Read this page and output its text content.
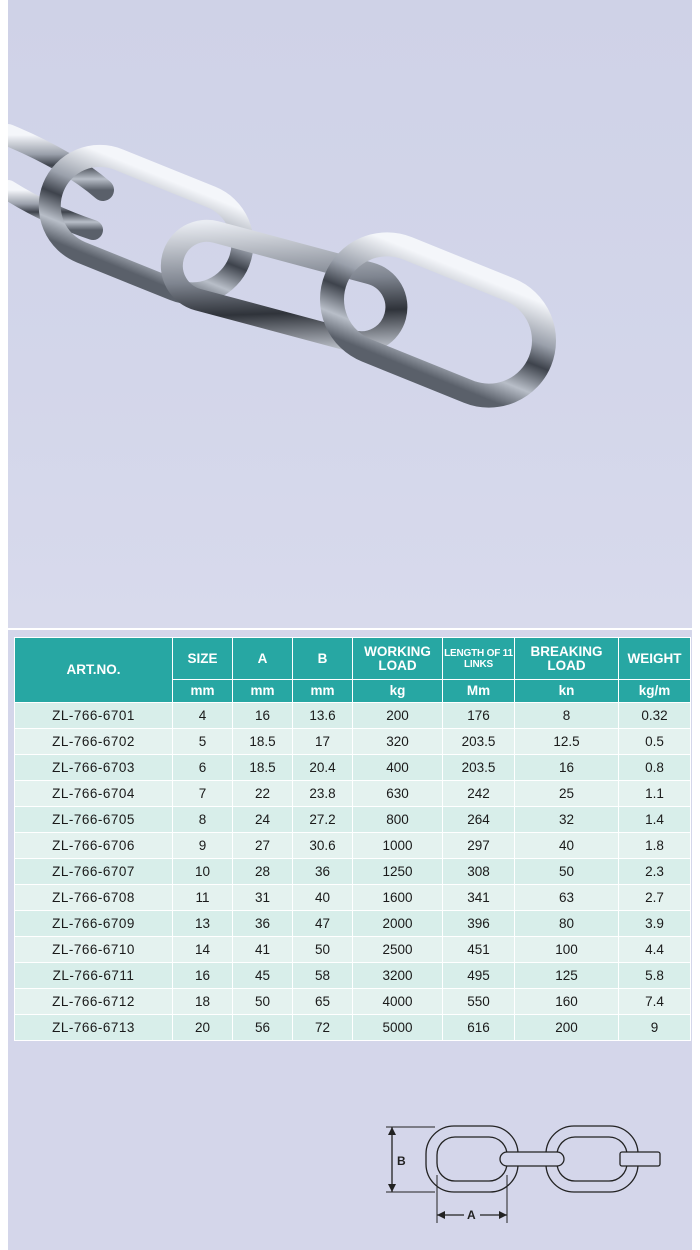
ART.NO.	SIZE	A	B	WORKING LOAD	LENGTH OF 11 LINKS	BREAKING LOAD	WEIGHT
	mm	mm	mm	kg	Mm	kn	kg/m
ZL-766-6701	4	16	13.6	200	176	8	0.32
ZL-766-6702	5	18.5	17	320	203.5	12.5	0.5
ZL-766-6703	6	18.5	20.4	400	203.5	16	0.8
ZL-766-6704	7	22	23.8	630	242	25	1.1
ZL-766-6705	8	24	27.2	800	264	32	1.4
ZL-766-6706	9	27	30.6	1000	297	40	1.8
ZL-766-6707	10	28	36	1250	308	50	2.3
ZL-766-6708	11	31	40	1600	341	63	2.7
ZL-766-6709	13	36	47	2000	396	80	3.9
ZL-766-6710	14	41	50	2500	451	100	4.4
ZL-766-6711	16	45	58	3200	495	125	5.8
ZL-766-6712	18	50	65	4000	550	160	7.4
ZL-766-6713	20	56	72	5000	616	200	9
B
A
